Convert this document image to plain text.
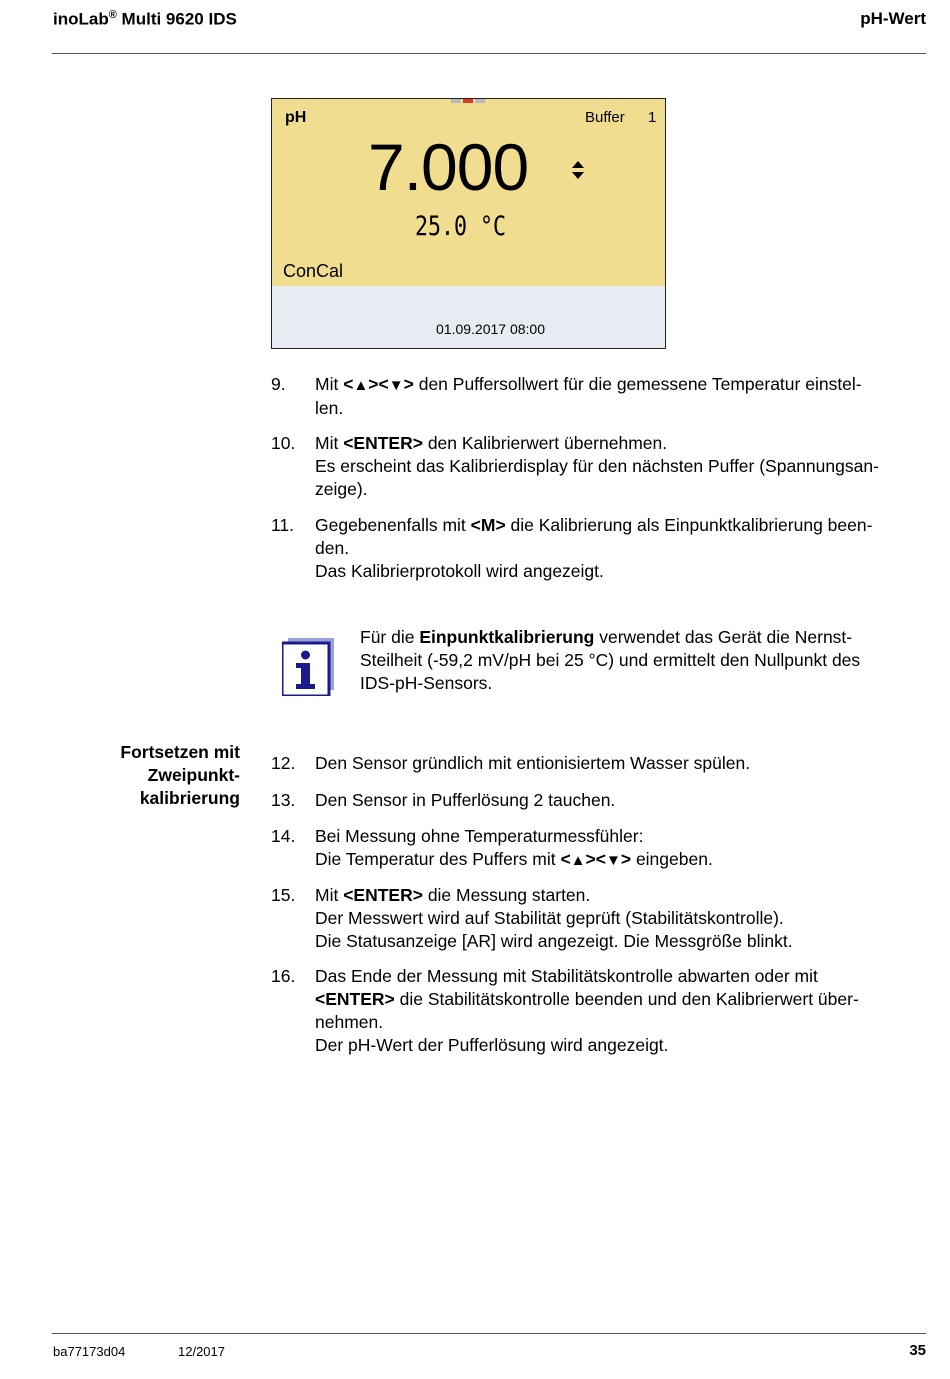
inoLab® Multi 9620 IDS	pH-Wert
pH	Buffer 1
7.000
25.0 °C
ConCal
01.09.2017 08:00
9. Mit <▲><▼> den Puffersollwert für die gemessene Temperatur einstel-
len.
10. Mit <ENTER> den Kalibrierwert übernehmen.
Es erscheint das Kalibrierdisplay für den nächsten Puffer (Spannungsan-
zeige).
11. Gegebenenfalls mit <M> die Kalibrierung als Einpunktkalibrierung been-
den.
Das Kalibrierprotokoll wird angezeigt.
Für die Einpunktkalibrierung verwendet das Gerät die Nernst-
Steilheit (-59,2 mV/pH bei 25 °C) und ermittelt den Nullpunkt des
IDS-pH-Sensors.
Fortsetzen mit
Zweipunkt-
kalibrierung
12. Den Sensor gründlich mit entionisiertem Wasser spülen.
13. Den Sensor in Pufferlösung 2 tauchen.
14. Bei Messung ohne Temperaturmessfühler:
Die Temperatur des Puffers mit <▲><▼> eingeben.
15. Mit <ENTER> die Messung starten.
Der Messwert wird auf Stabilität geprüft (Stabilitätskontrolle).
Die Statusanzeige [AR] wird angezeigt. Die Messgröße blinkt.
16. Das Ende der Messung mit Stabilitätskontrolle abwarten oder mit
<ENTER> die Stabilitätskontrolle beenden und den Kalibrierwert über-
nehmen.
Der pH-Wert der Pufferlösung wird angezeigt.
ba77173d04	12/2017	35
